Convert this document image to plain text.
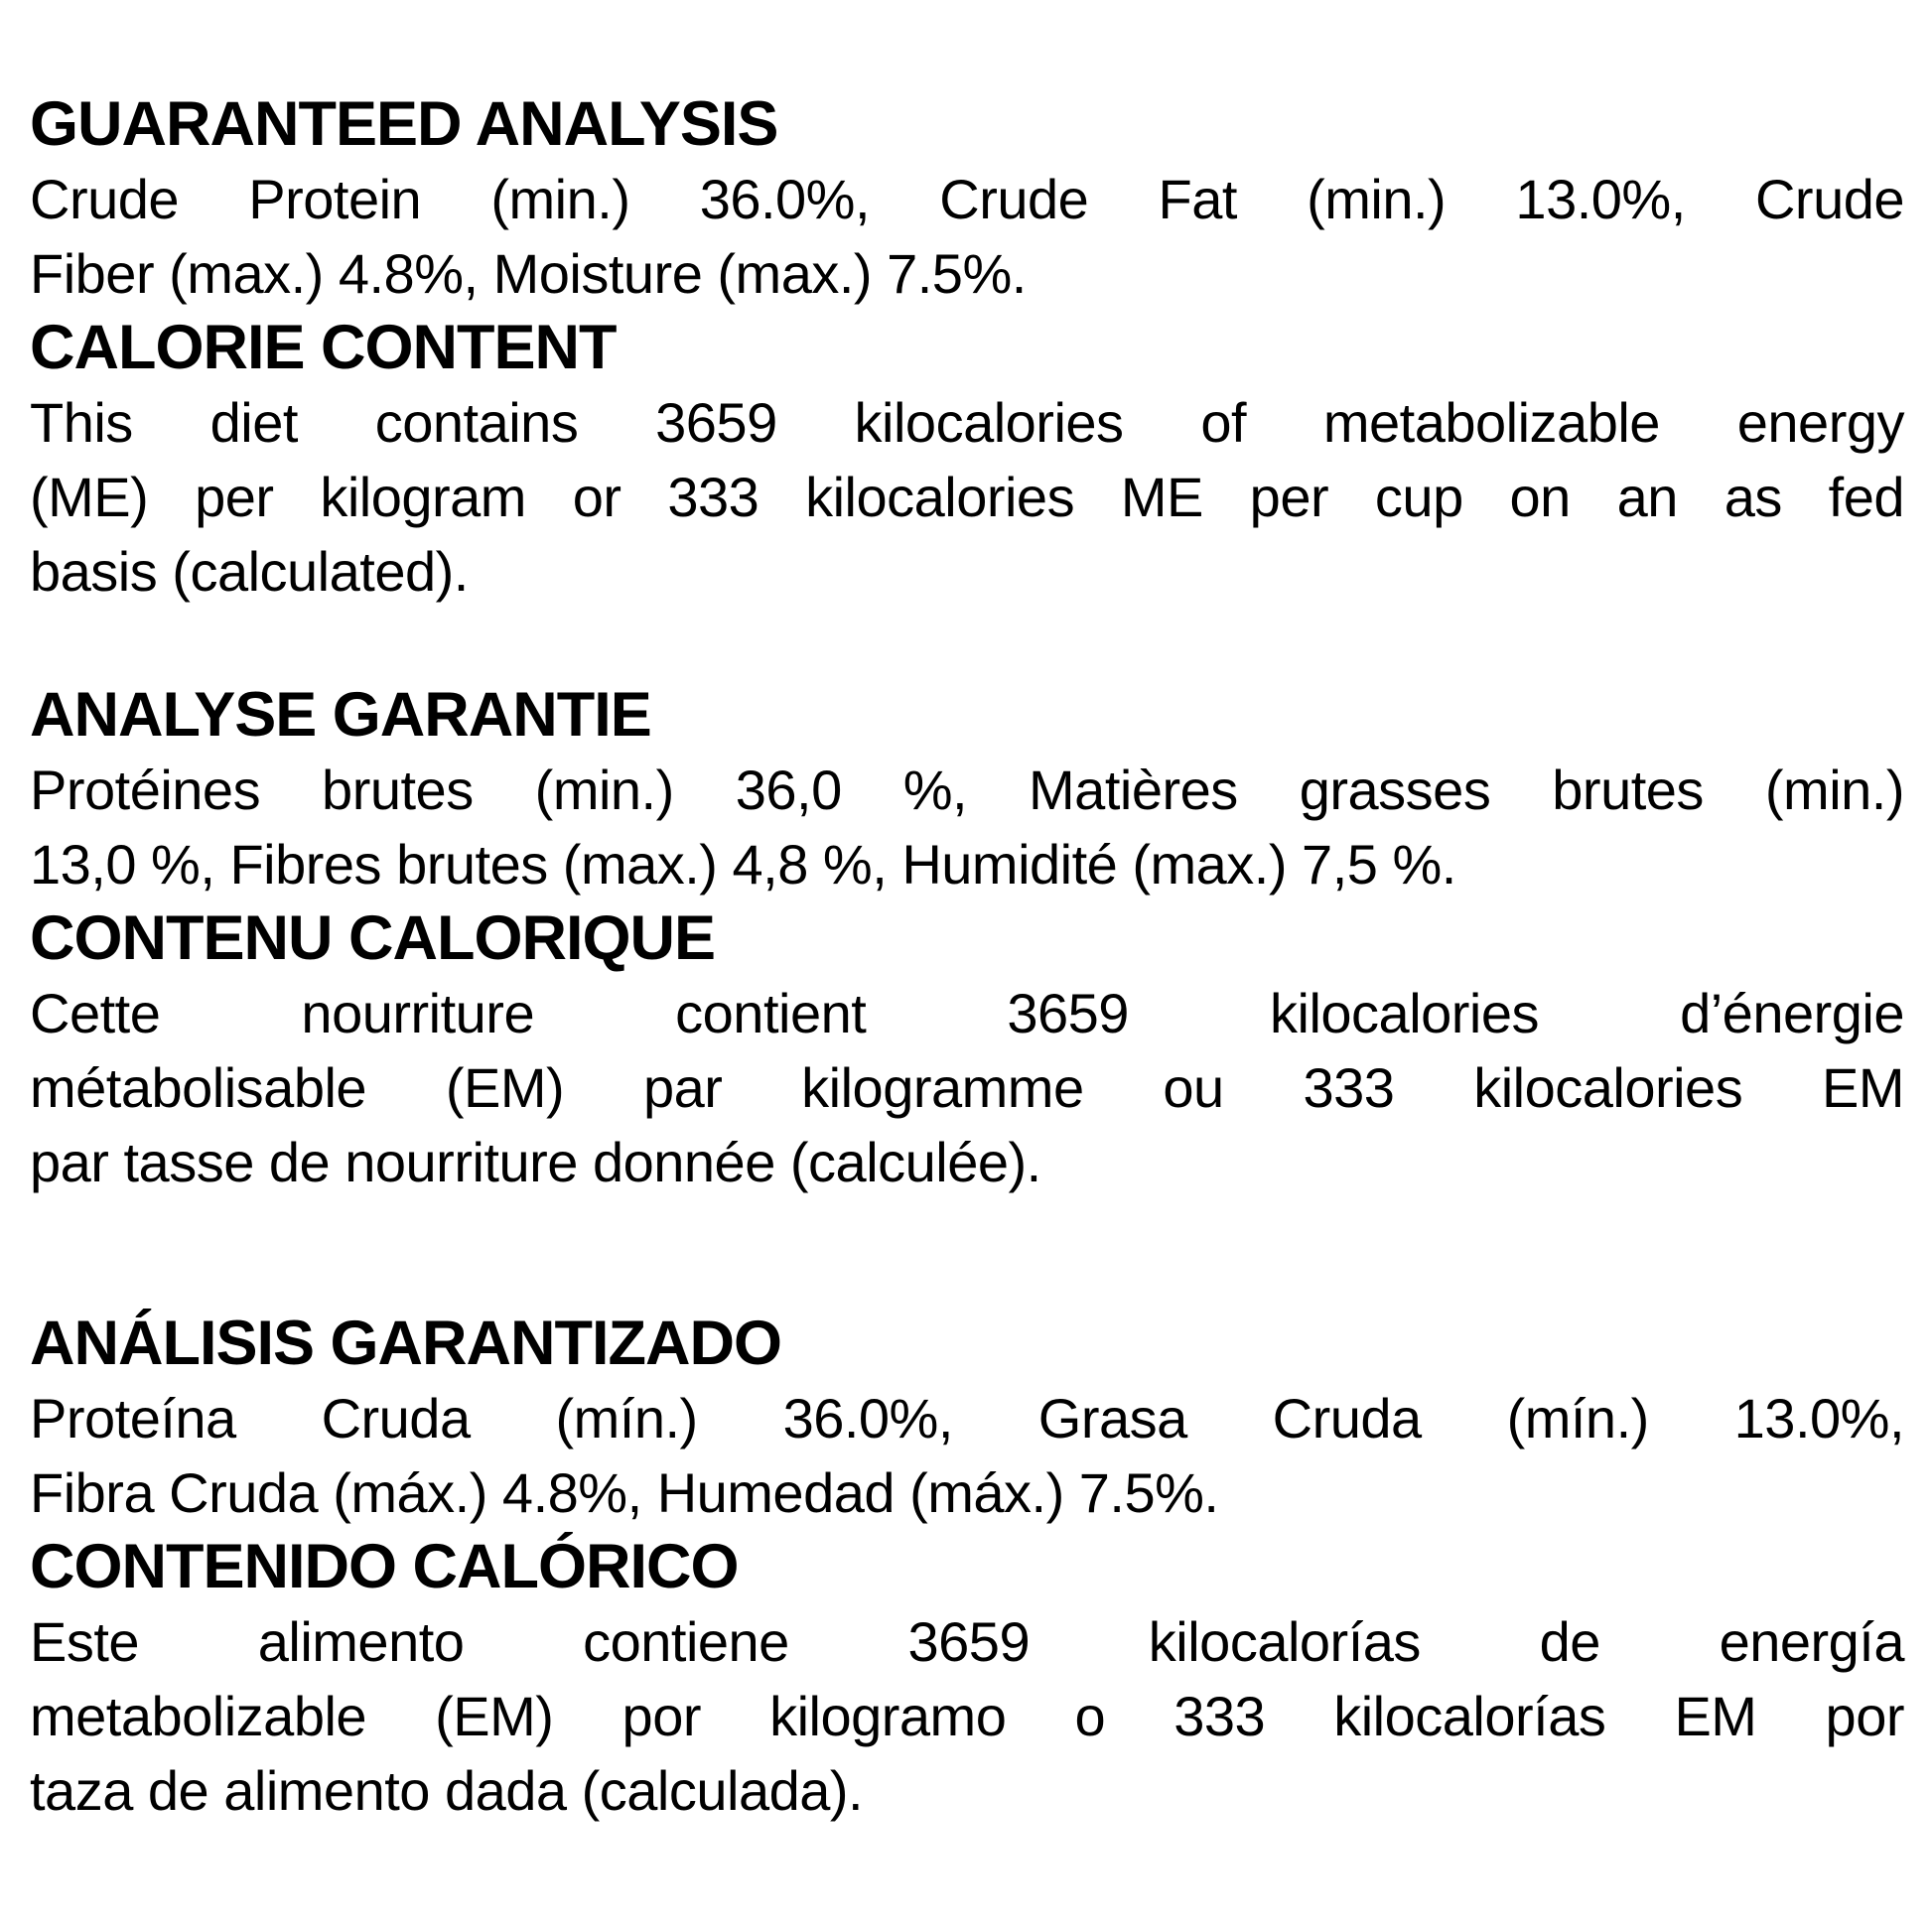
GUARANTEED ANALYSIS
Crude Protein (min.) 36.0%, Crude Fat (min.) 13.0%, Crude
Fiber (max.) 4.8%, Moisture (max.) 7.5%.
CALORIE CONTENT
This diet contains 3659 kilocalories of metabolizable energy
(ME) per kilogram or 333 kilocalories ME per cup on an as fed
basis (calculated).
ANALYSE GARANTIE
Protéines brutes (min.) 36,0 %, Matières grasses brutes (min.)
13,0 %, Fibres brutes (max.) 4,8 %, Humidité (max.) 7,5 %.
CONTENU CALORIQUE
Cette nourriture contient 3659 kilocalories d’énergie
métabolisable (EM) par kilogramme ou 333 kilocalories EM
par tasse de nourriture donnée (calculée).
ANÁLISIS GARANTIZADO
Proteína Cruda (mín.) 36.0%, Grasa Cruda (mín.) 13.0%,
Fibra Cruda (máx.) 4.8%, Humedad (máx.) 7.5%.
CONTENIDO CALÓRICO
Este alimento contiene 3659 kilocalorías de energía
metabolizable (EM) por kilogramo o 333 kilocalorías EM por
taza de alimento dada (calculada).
